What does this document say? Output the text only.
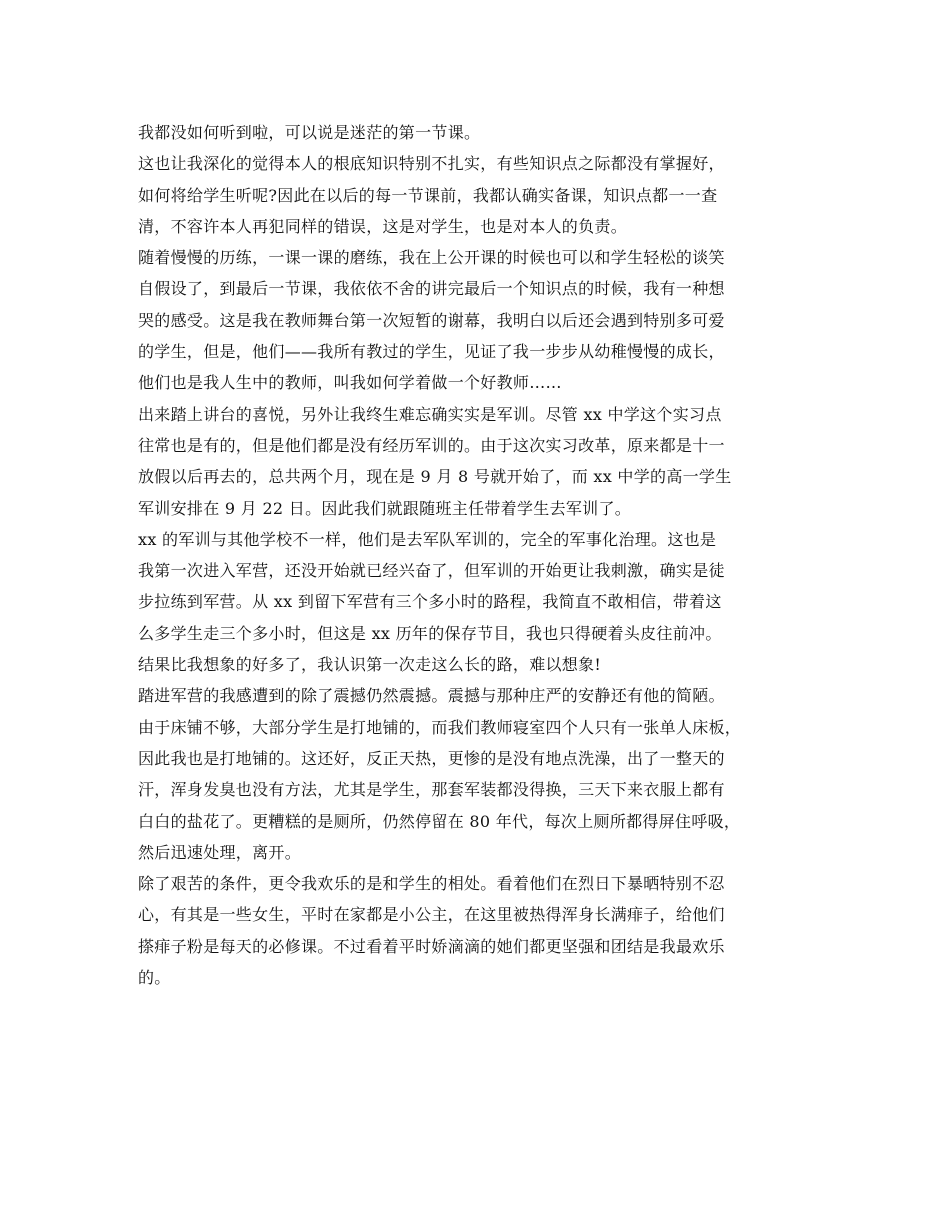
我都没如何听到啦，可以说是迷茫的第一节课。
这也让我深化的觉得本人的根底知识特别不扎实，有些知识点之际都没有掌握好，
如何将给学生听呢?因此在以后的每一节课前，我都认确实备课，知识点都一一查
清，不容许本人再犯同样的错误，这是对学生，也是对本人的负责。
随着慢慢的历练，一课一课的磨练，我在上公开课的时候也可以和学生轻松的谈笑
自假设了，到最后一节课，我依依不舍的讲完最后一个知识点的时候，我有一种想
哭的感受。这是我在教师舞台第一次短暂的谢幕，我明白以后还会遇到特别多可爱
的学生，但是，他们——我所有教过的学生，见证了我一步步从幼稚慢慢的成长，
他们也是我人生中的教师，叫我如何学着做一个好教师……
出来踏上讲台的喜悦，另外让我终生难忘确实实是军训。尽管 xx 中学这个实习点
往常也是有的，但是他们都是没有经历军训的。由于这次实习改革，原来都是十一
放假以后再去的，总共两个月，现在是 9 月 8 号就开始了，而 xx 中学的高一学生
军训安排在 9 月 22 日。因此我们就跟随班主任带着学生去军训了。
xx 的军训与其他学校不一样，他们是去军队军训的，完全的军事化治理。这也是
我第一次进入军营，还没开始就已经兴奋了，但军训的开始更让我刺激，确实是徒
步拉练到军营。从 xx 到留下军营有三个多小时的路程，我简直不敢相信，带着这
么多学生走三个多小时，但这是 xx 历年的保存节目，我也只得硬着头皮往前冲。
结果比我想象的好多了，我认识第一次走这么长的路，难以想象!
踏进军营的我感遭到的除了震撼仍然震撼。震撼与那种庄严的安静还有他的简陋。
由于床铺不够，大部分学生是打地铺的，而我们教师寝室四个人只有一张单人床板，
因此我也是打地铺的。这还好，反正天热，更惨的是没有地点洗澡，出了一整天的
汗，浑身发臭也没有方法，尤其是学生，那套军装都没得换，三天下来衣服上都有
白白的盐花了。更糟糕的是厕所，仍然停留在 80 年代，每次上厕所都得屏住呼吸，
然后迅速处理，离开。
除了艰苦的条件，更令我欢乐的是和学生的相处。看着他们在烈日下暴晒特别不忍
心，有其是一些女生，平时在家都是小公主，在这里被热得浑身长满痱子，给他们
搽痱子粉是每天的必修课。不过看着平时娇滴滴的她们都更坚强和团结是我最欢乐
的。
